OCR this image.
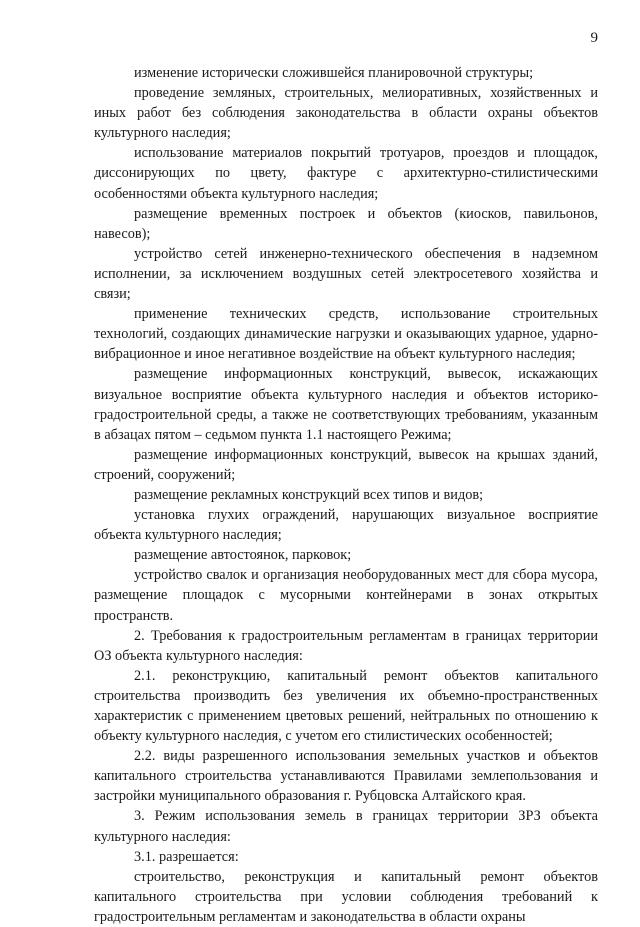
9

изменение исторически сложившейся планировочной структуры;

проведение земляных, строительных, мелиоративных, хозяйственных и иных работ без соблюдения законодательства в области охраны объектов культурного наследия;

использование материалов покрытий тротуаров, проездов и площадок, диссонирующих по цвету, фактуре с архитектурно-стилистическими особенностями объекта культурного наследия;

размещение временных построек и объектов (киосков, павильонов, навесов);

устройство сетей инженерно-технического обеспечения в надземном исполнении, за исключением воздушных сетей электросетевого хозяйства и связи;

применение технических средств, использование строительных технологий, создающих динамические нагрузки и оказывающих ударное, ударно-вибрационное и иное негативное воздействие на объект культурного наследия;

размещение информационных конструкций, вывесок, искажающих визуальное восприятие объекта культурного наследия и объектов историко-градостроительной среды, а также не соответствующих требованиям, указанным в абзацах пятом – седьмом пункта 1.1 настоящего Режима;

размещение информационных конструкций, вывесок на крышах зданий, строений, сооружений;

размещение рекламных конструкций всех типов и видов;

установка глухих ограждений, нарушающих визуальное восприятие объекта культурного наследия;

размещение автостоянок, парковок;

устройство свалок и организация необорудованных мест для сбора мусора, размещение площадок с мусорными контейнерами в зонах открытых пространств.

2. Требования к градостроительным регламентам в границах территории ОЗ объекта культурного наследия:

2.1. реконструкцию, капитальный ремонт объектов капитального строительства производить без увеличения их объемно-пространственных характеристик с применением цветовых решений, нейтральных по отношению к объекту культурного наследия, с учетом его стилистических особенностей;

2.2. виды разрешенного использования земельных участков и объектов капитального строительства устанавливаются Правилами землепользования и застройки муниципального образования г. Рубцовска Алтайского края.

3. Режим использования земель в границах территории ЗРЗ объекта культурного наследия:

3.1. разрешается:

строительство, реконструкция и капитальный ремонт объектов капитального строительства при условии соблюдения требований к градостроительным регламентам и законодательства в области охраны
